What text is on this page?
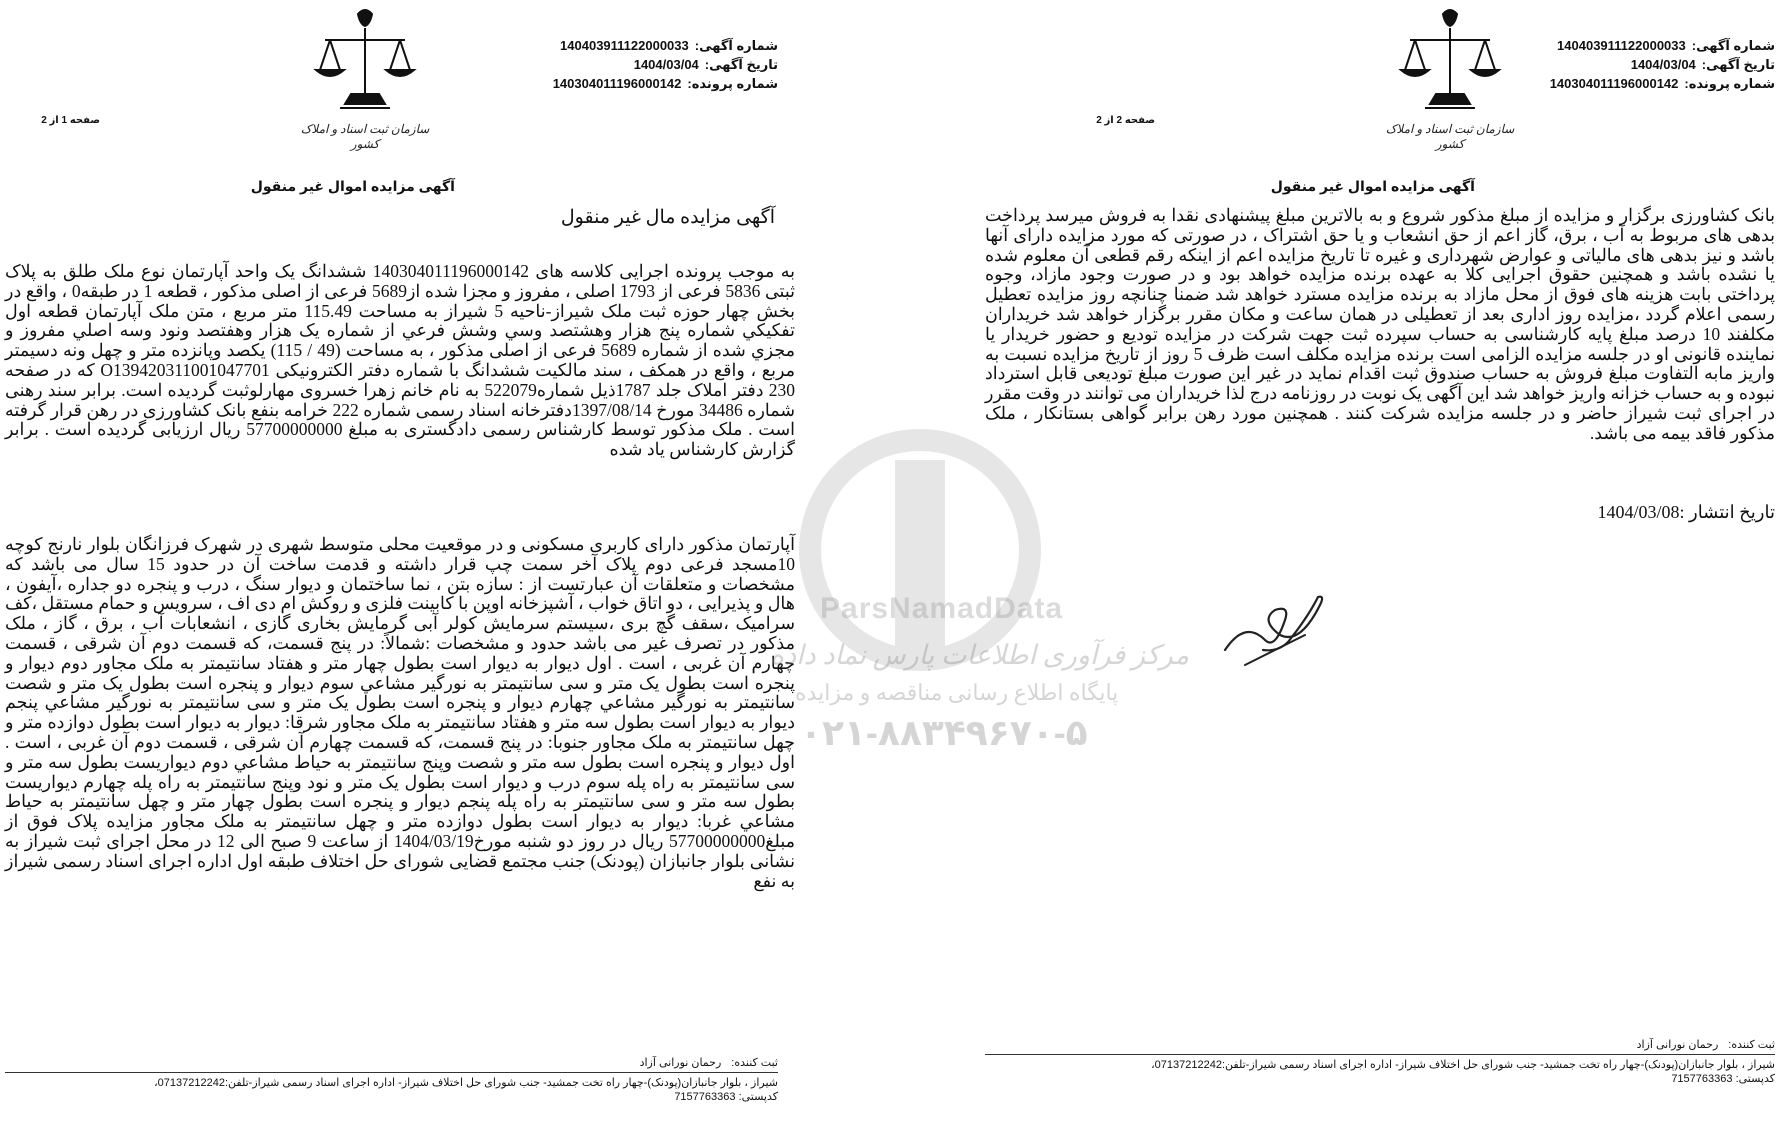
شماره آگهی:140403911122000033
تاریخ آگهی:1404/03/04
شماره پرونده:140304011196000142
سازمان ثبت اسناد و املاک کشور
صفحه 2 از 2
آگهی مزایده اموال غیر منقول

بانک کشاورزی برگزار و مزایده از مبلغ مذکور شروع و به بالاترین مبلغ پیشنهادی نقدا به فروش میرسد پرداخت بدهی های مربوط به آب ، برق، گاز اعم از حق انشعاب و یا حق اشتراک ، در صورتی که مورد مزایده دارای آنها باشد و نیز بدهی های مالیاتی و عوارض شهرداری و غیره تا تاریخ مزایده اعم از اینکه رقم قطعی آن معلوم شده یا نشده باشد و همچنین حقوق اجرایی کلا به عهده برنده مزایده خواهد بود و در صورت وجود مازاد، وجوه پرداختی بابت هزینه های فوق از محل مازاد به برنده مزایده مسترد خواهد شد ضمنا چنانچه روز مزایده تعطیل رسمی اعلام گردد ،مزایده روز اداری بعد از تعطیلی در همان ساعت و مکان مقرر برگزار خواهد شد خریداران مکلفند 10 درصد مبلغ پایه کارشناسی به حساب سپرده ثبت جهت شرکت در مزایده تودیع و حضور خریدار یا نماینده قانونی او در جلسه مزایده الزامی است برنده مزایده مکلف است ظرف 5 روز از تاریخ مزایده نسبت به واریز مابه التفاوت مبلغ فروش به حساب صندوق ثبت اقدام نماید در غیر این صورت مبلغ تودیعی قابل استرداد نبوده و به حساب خزانه واریز خواهد شد این آگهی یک نوبت در روزنامه درج لذا خریداران می توانند در وقت مقرر در اجرای ثبت شیراز حاضر و در جلسه مزایده شرکت کنند . همچنین مورد رهن برابر گواهی بستانکار ، ملک مذکور فاقد بیمه می باشد.

تاریخ انتشار :1404/03/08
ثبت کننده:رحمان نورانی آزاد
شیراز ، بلوار جانبازان(پودنک)-چهار راه تخت جمشید- جنب شورای حل اختلاف شیراز- اداره اجرای اسناد رسمی شیراز-تلفن:07137212242،
کدپستی: 7157763363
شماره آگهی:140403911122000033
تاریخ آگهی:1404/03/04
شماره پرونده:140304011196000142
سازمان ثبت اسناد و املاک کشور
صفحه 1 از 2
آگهی مزایده اموال غیر منقول
آگهی مزایده مال غیر منقول

به موجب پرونده اجرایی کلاسه های 140304011196000142 ششدانگ یک واحد آپارتمان نوع ملک طلق به پلاک ثبتی 5836 فرعی از 1793 اصلی ، مفروز و مجزا شده از5689 فرعی از اصلی مذکور ، قطعه 1 در طبقه0 ، واقع در بخش چهار حوزه ثبت ملک شیراز-ناحیه 5 شیراز به مساحت 115.49 متر مربع ، متن ملک آپارتمان قطعه اول تفکیکي شماره پنج هزار وهشتصد وسي وشش فرعي از شماره یک هزار وهفتصد ونود وسه اصلي مفروز و مجزي شده از شماره 5689 فرعی از اصلی مذکور ، به مساحت (49 / 115) یکصد وپانزده متر و چهل ونه دسیمتر مربع ، واقع در همکف ، سند مالکیت ششدانگ با شماره دفتر الکترونیکی O139420311001047701 که در صفحه 230 دفتر املاک جلد 1787ذیل شماره522079 به نام خانم زهرا خسروی مهارلوثبت گردیده است. برابر سند رهنی شماره 34486 مورخ 1397/08/14دفترخانه اسناد رسمی شماره 222 خرامه بنفع بانک کشاورزی در رهن قرار گرفته است . ملک مذکور توسط کارشناس رسمی دادگستری به مبلغ 57700000000 ریال ارزیابی گردیده است . برابر گزارش کارشناس یاد شده

آپارتمان مذکور دارای کاربری مسکونی و در موقعیت محلی متوسط شهری در شهرک فرزانگان بلوار نارنج کوچه 10مسجد فرعی دوم پلاک آخر سمت چپ قرار داشته و قدمت ساخت آن در حدود 15 سال می باشد که مشخصات و متعلقات آن عبارتست از : سازه بتن ، نما ساختمان و دیوار سنگ ، درب و پنجره دو جداره ،آیفون ، هال و پذیرایی ، دو اتاق خواب ، آشپزخانه اوپن با کابینت فلزی و روکش ام دی اف ، سرویس و حمام مستقل ،کف سرامیک ،سقف گچ بری ،سیستم سرمایش کولر آبی گرمایش بخاری گازی ، انشعابات آب ، برق ، گاز ، ملک مذکور در تصرف غیر می باشد حدود و مشخصات :شمالاً: در پنج قسمت، که قسمت دوم آن شرقی ، قسمت چهارم آن غربی ، است . اول دیوار به دیوار است بطول چهار متر و هفتاد سانتیمتر به ملک مجاور دوم دیوار و پنجره است بطول یک متر و سی سانتیمتر به نورگیر مشاعي سوم دیوار و پنجره است بطول یک متر و شصت سانتیمتر به نورگیر مشاعي چهارم دیوار و پنجره است بطول یک متر و سی سانتیمتر به نورگیر مشاعي پنجم دیوار به دیوار است بطول سه متر و هفتاد سانتیمتر به ملک مجاور شرقا: دیوار به دیوار است بطول دوازده متر و چهل سانتیمتر به ملک مجاور جنوبا: در پنج قسمت، که قسمت چهارم آن شرقی ، قسمت دوم آن غربی ، است . اول دیوار و پنجره است بطول سه متر و شصت وپنج سانتیمتر به حیاط مشاعي دوم دیواریست بطول سه متر و سی سانتیمتر به راه پله سوم درب و دیوار است بطول یک متر و نود وپنج سانتیمتر به راه پله چهارم دیواریست بطول سه متر و سی سانتیمتر به راه پله پنجم دیوار و پنجره است بطول چهار متر و چهل سانتیمتر به حیاط مشاعي غربا: دیوار به دیوار است بطول دوازده متر و چهل سانتیمتر به ملک مجاور مزایده پلاک فوق از مبلغ57700000000 ریال در روز دو شنبه مورخ1404/03/19 از ساعت 9 صبح الی 12 در محل اجرای ثبت شیراز به نشانی بلوار جانبازان (پودنک) جنب مجتمع قضایی شورای حل اختلاف طبقه اول اداره اجرای اسناد رسمی شیراز به نفع

ثبت کننده:رحمان نورانی آزاد
شیراز ، بلوار جانبازان(پودنک)-چهار راه تخت جمشید- جنب شورای حل اختلاف شیراز- اداره اجرای اسناد رسمی شیراز-تلفن:07137212242،
کدپستی: 7157763363
ParsNamadData
مرکز فرآوری اطلاعات پارس نماد داده
پایگاه اطلاع رسانی مناقصه و مزایده
۰۲۱-۸۸۳۴۹۶۷۰-۵
